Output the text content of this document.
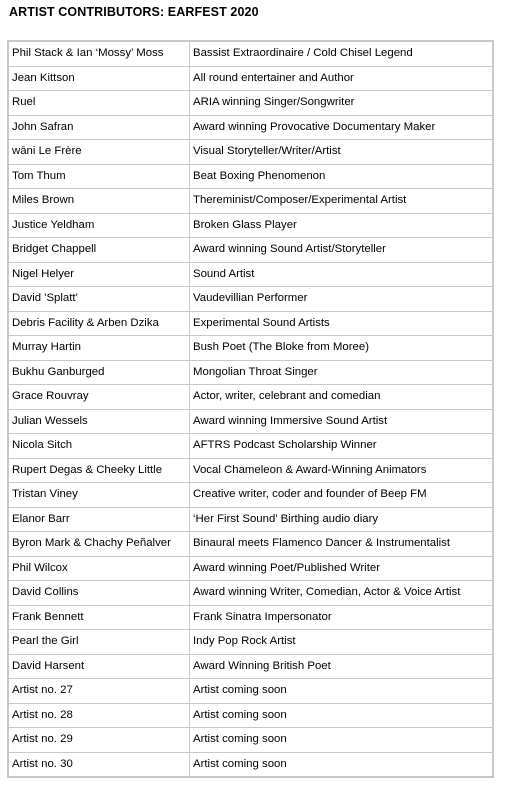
ARTIST CONTRIBUTORS: EARFEST 2020
Phil Stack & Ian ‘Mossy’ Moss	Bassist Extraordinaire / Cold Chisel Legend
Jean Kittson	All round entertainer and Author
Ruel	ARIA winning Singer/Songwriter
John Safran	Award winning Provocative Documentary Maker
wāni Le Frère	Visual Storyteller/Writer/Artist
Tom Thum	Beat Boxing Phenomenon
Miles Brown	Thereminist/Composer/Experimental Artist
Justice Yeldham	Broken Glass Player
Bridget Chappell	Award winning Sound Artist/Storyteller
Nigel Helyer	Sound Artist
David 'Splatt'	Vaudevillian Performer
Debris Facility & Arben Dzika	Experimental Sound Artists
Murray Hartin	Bush Poet (The Bloke from Moree)
Bukhu Ganburged	Mongolian Throat Singer
Grace Rouvray	Actor, writer, celebrant and comedian
Julian Wessels	Award winning Immersive Sound Artist
Nicola Sitch	AFTRS Podcast Scholarship Winner
Rupert Degas & Cheeky Little	Vocal Chameleon & Award-Winning Animators
Tristan Viney	Creative writer, coder and founder of Beep FM
Elanor Barr	‘Her First Sound’ Birthing audio diary
Byron Mark & Chachy Peñalver	Binaural meets Flamenco Dancer & Instrumentalist
Phil Wilcox	Award winning Poet/Published Writer
David Collins	Award winning Writer, Comedian, Actor & Voice Artist
Frank Bennett	Frank Sinatra Impersonator
Pearl the Girl	Indy Pop Rock Artist
David Harsent	Award Winning British Poet
Artist no. 27	Artist coming soon
Artist no. 28	Artist coming soon
Artist no. 29	Artist coming soon
Artist no. 30	Artist coming soon
